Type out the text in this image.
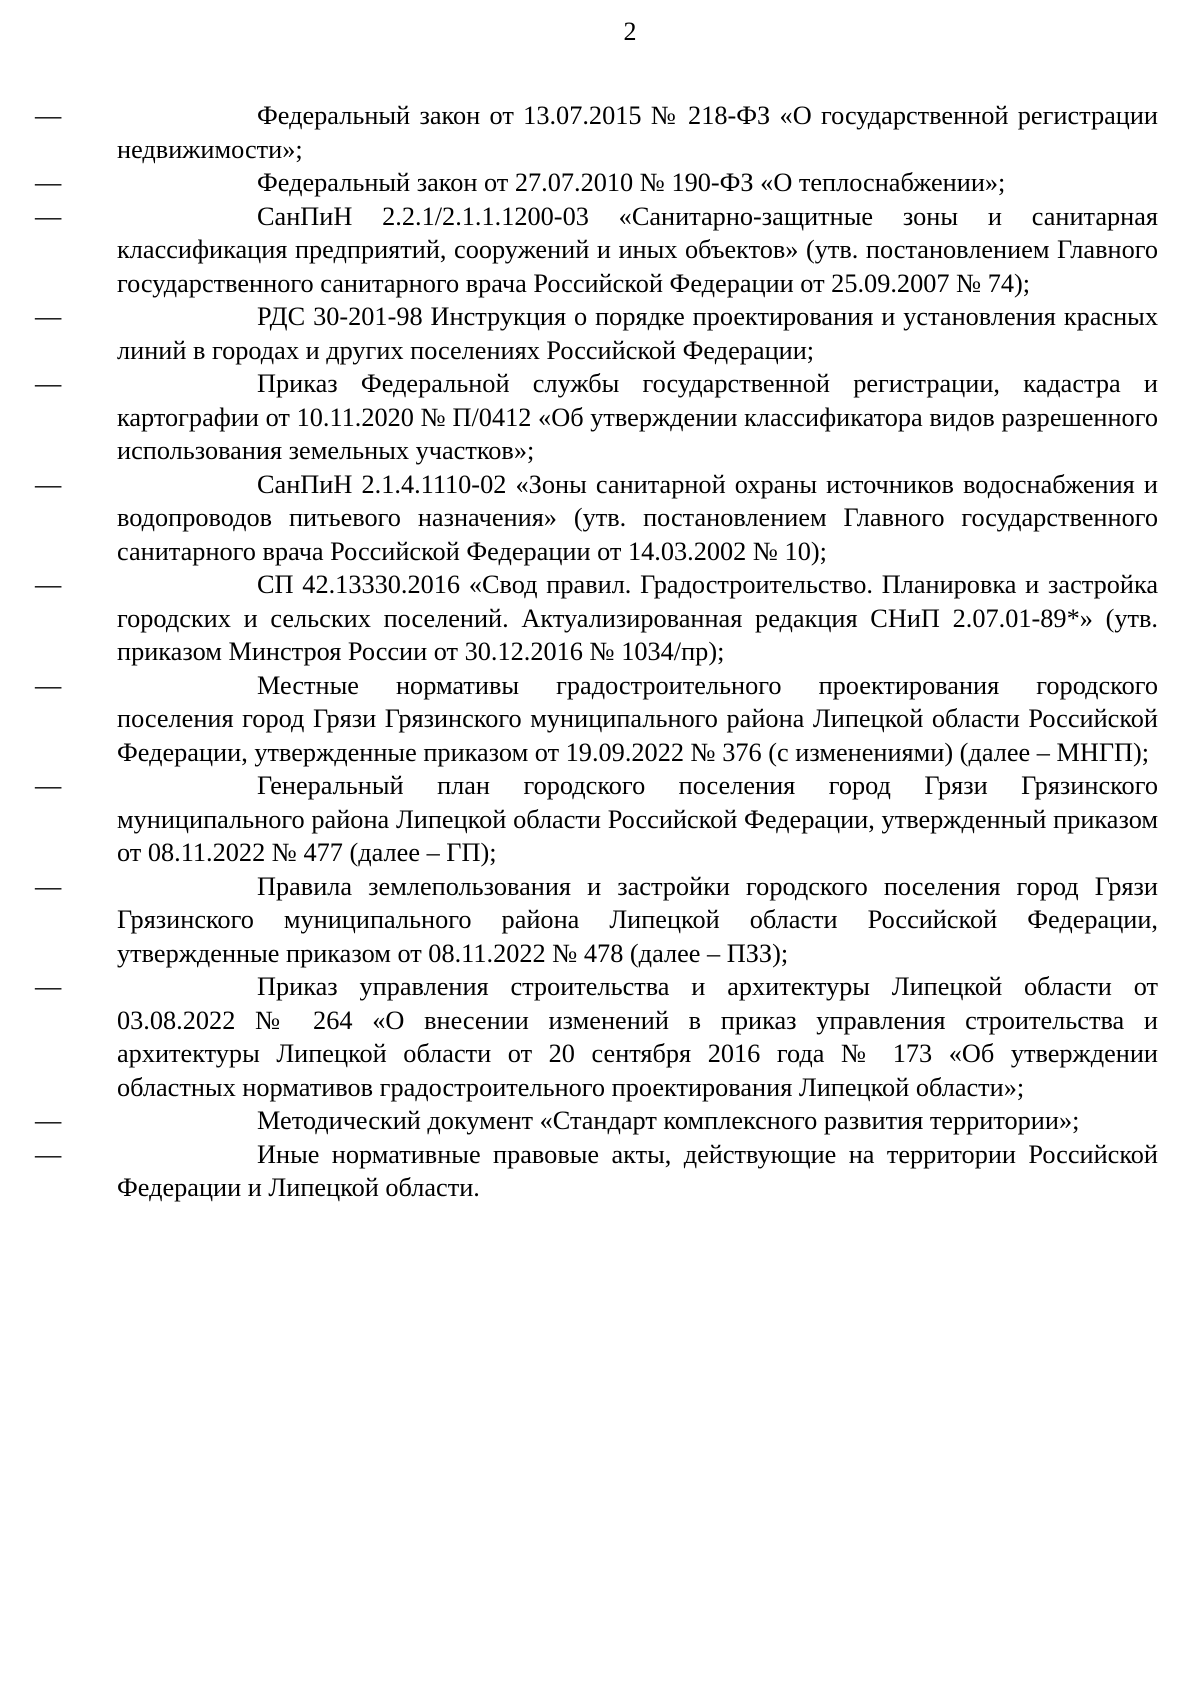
2

—	Федеральный закон от 13.07.2015 № 218-ФЗ «О государственной регистрации недвижимости»;

—	Федеральный закон от 27.07.2010 № 190-ФЗ «О теплоснабжении»;

—	СанПиН 2.2.1/2.1.1.1200-03 «Санитарно-защитные зоны и санитарная классификация предприятий, сооружений и иных объектов» (утв. постановлением Главного государственного санитарного врача Российской Федерации от 25.09.2007 № 74);

—	РДС 30-201-98 Инструкция о порядке проектирования и установления красных линий в городах и других поселениях Российской Федерации;

—	Приказ Федеральной службы государственной регистрации, кадастра и картографии от 10.11.2020 № П/0412 «Об утверждении классификатора видов разрешенного использования земельных участков»;

—	СанПиН 2.1.4.1110-02 «Зоны санитарной охраны источников водоснабжения и водопроводов питьевого назначения» (утв. постановлением Главного государственного санитарного врача Российской Федерации от 14.03.2002 № 10);

—	СП 42.13330.2016 «Свод правил. Градостроительство. Планировка и застройка городских и сельских поселений. Актуализированная редакция СНиП 2.07.01-89*» (утв. приказом Минстроя России от 30.12.2016 № 1034/пр);

—	Местные нормативы градостроительного проектирования городского поселения город Грязи Грязинского муниципального района Липецкой области Российской Федерации, утвержденные приказом от 19.09.2022 № 376 (с изменениями) (далее – МНГП);

—	Генеральный план городского поселения город Грязи Грязинского муниципального района Липецкой области Российской Федерации, утвержденный приказом от 08.11.2022 № 477 (далее – ГП);

—	Правила землепользования и застройки городского поселения город Грязи Грязинского муниципального района Липецкой области Российской Федерации, утвержденные приказом от 08.11.2022 № 478 (далее – ПЗЗ);

—	Приказ управления строительства и архитектуры Липецкой области от 03.08.2022 № 264 «О внесении изменений в приказ управления строительства и архитектуры Липецкой области от 20 сентября 2016 года № 173 «Об утверждении областных нормативов градостроительного проектирования Липецкой области»;

—	Методический документ «Стандарт комплексного развития территории»;

—	Иные нормативные правовые акты, действующие на территории Российской Федерации и Липецкой области.
